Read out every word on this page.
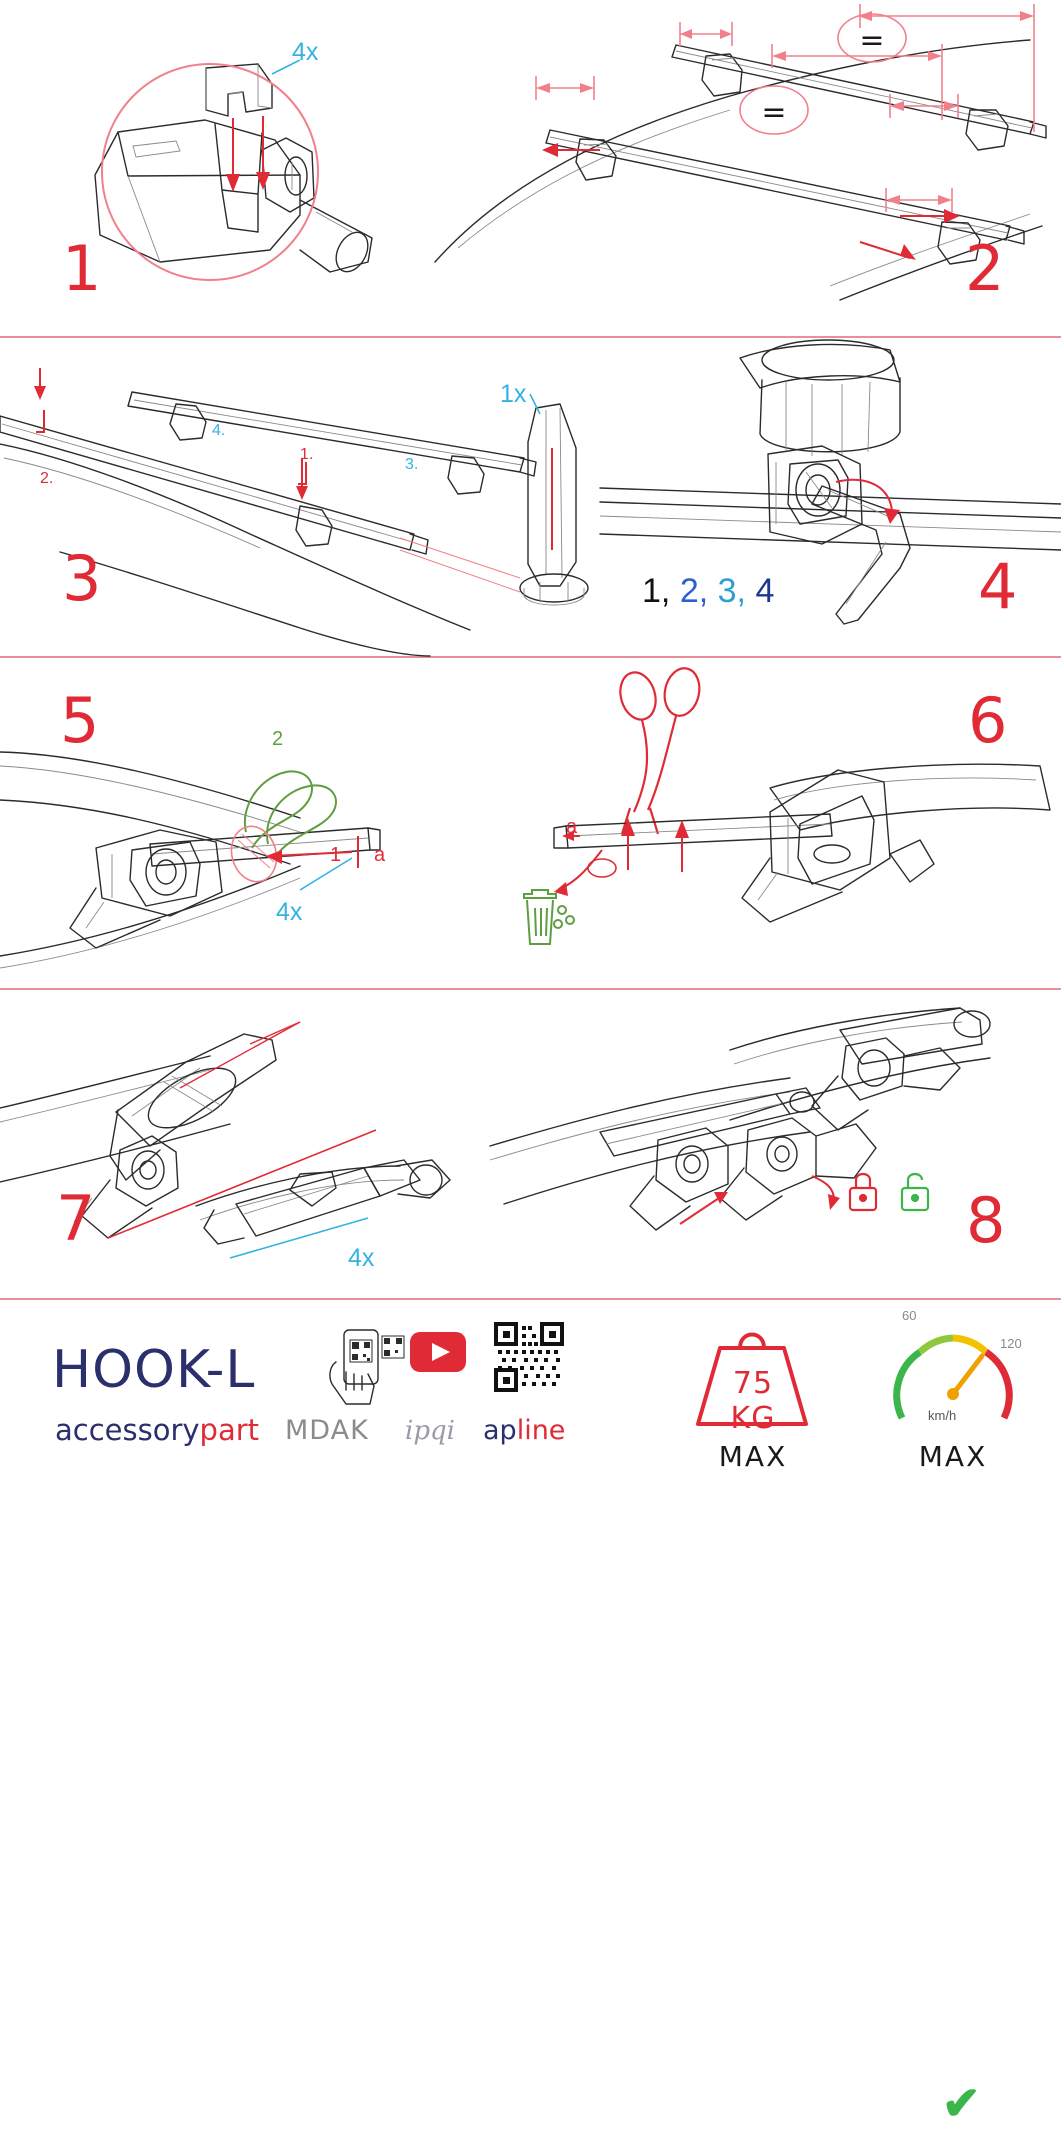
4x
1
=
=
2
1x
4.
3.
2.
1.
3	1, 2, 3, 4	4
5
1 a
2
4x
6
a
7
4x
✔
8
HOOK-L
accessorypart MDAK ipqi apline
75 KG
MAX
60
120
km/h
MAX
